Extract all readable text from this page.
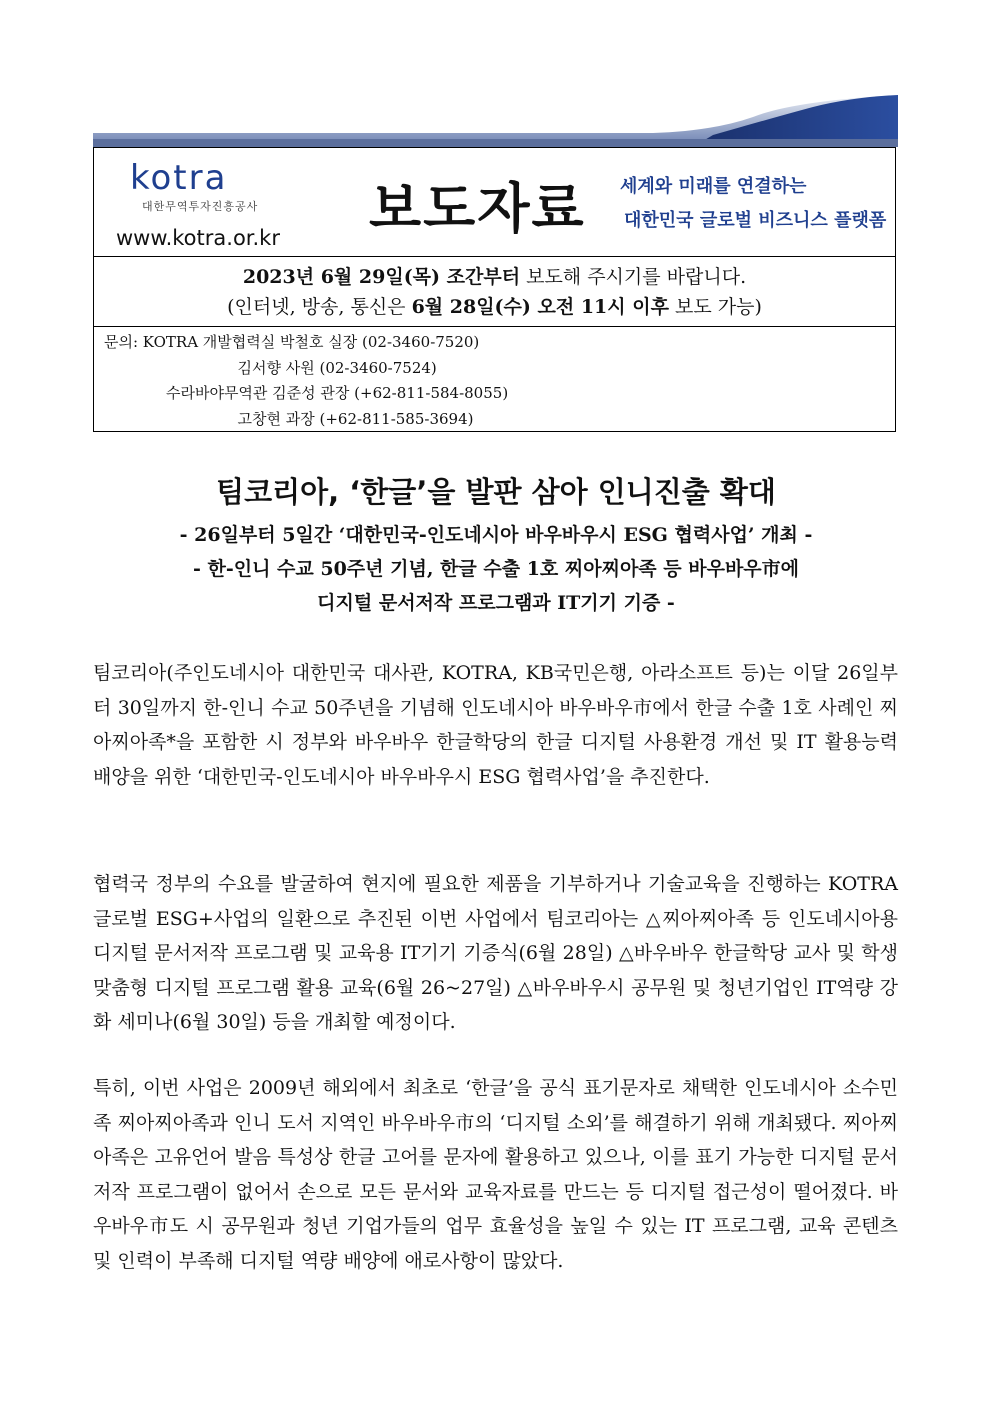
kotra
대한무역투자진흥공사
www.kotra.or.kr 보도자료 세계와 미래를 연결하는
대한민국 글로벌 비즈니스 플랫폼
2023년 6월 29일(목) 조간부터 보도해 주시기를 바랍니다.
(인터넷, 방송, 통신은 6월 28일(수) 오전 11시 이후 보도 가능)
문의: KOTRA 개발협력실 박철호 실장 (02-3460-7520)
김서향 사원 (02-3460-7524)
수라바야무역관 김준성 관장 (+62-811-584-8055)
고창현 과장 (+62-811-585-3694)
팀코리아, ‘한글’을 발판 삼아 인니진출 확대
- 26일부터 5일간 ‘대한민국-인도네시아 바우바우시 ESG 협력사업’ 개최 -
- 한-인니 수교 50주년 기념, 한글 수출 1호 찌아찌아족 등 바우바우市에
디지털 문서저작 프로그램과 IT기기 기증 -
팀코리아(주인도네시아 대한민국 대사관, KOTRA, KB국민은행, 아라소프트 등)는 이달 26일부터 30일까지 한-인니 수교 50주년을 기념해 인도네시아 바우바우市에서 한글 수출 1호 사례인 찌아찌아족*을 포함한 시 정부와 바우바우 한글학당의 한글 디지털 사용환경 개선 및 IT 활용능력 배양을 위한 ‘대한민국-인도네시아 바우바우시 ESG 협력사업’을 추진한다.
협력국 정부의 수요를 발굴하여 현지에 필요한 제품을 기부하거나 기술교육을 진행하는 KOTRA 글로벌 ESG+사업의 일환으로 추진된 이번 사업에서 팀코리아는 △찌아찌아족 등 인도네시아용 디지털 문서저작 프로그램 및 교육용 IT기기 기증식(6월 28일) △바우바우 한글학당 교사 및 학생 맞춤형 디지털 프로그램 활용 교육(6월 26~27일) △바우바우시 공무원 및 청년기업인 IT역량 강화 세미나(6월 30일) 등을 개최할 예정이다.
특히, 이번 사업은 2009년 해외에서 최초로 ‘한글’을 공식 표기문자로 채택한 인도네시아 소수민족 찌아찌아족과 인니 도서 지역인 바우바우市의 ‘디지털 소외’를 해결하기 위해 개최됐다. 찌아찌아족은 고유언어 발음 특성상 한글 고어를 문자에 활용하고 있으나, 이를 표기 가능한 디지털 문서저작 프로그램이 없어서 손으로 모든 문서와 교육자료를 만드는 등 디지털 접근성이 떨어졌다. 바우바우市도 시 공무원과 청년 기업가들의 업무 효율성을 높일 수 있는 IT 프로그램, 교육 콘텐츠 및 인력이 부족해 디지털 역량 배양에 애로사항이 많았다.
